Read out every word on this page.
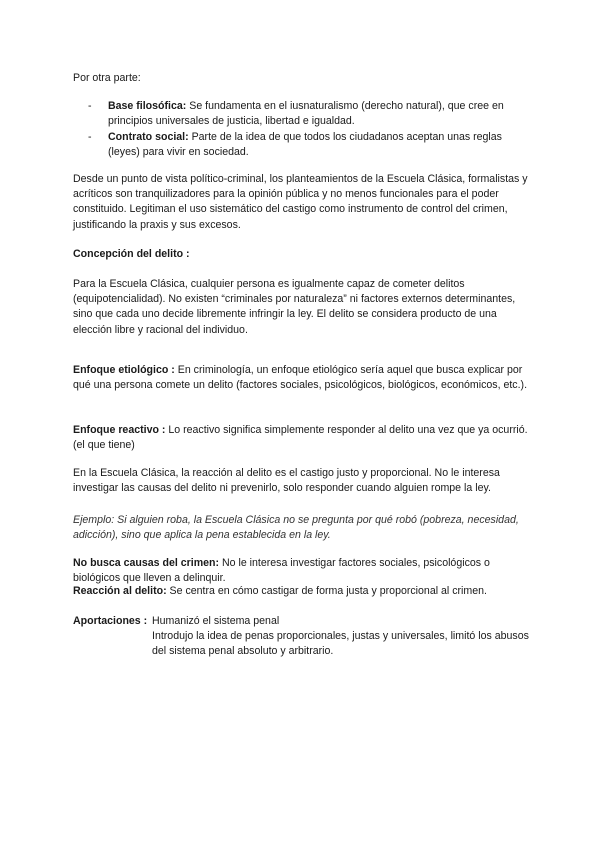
Por otra parte:

- Base filosófica: Se fundamenta en el iusnaturalismo (derecho natural), que cree en principios universales de justicia, libertad e igualdad.
- Contrato social: Parte de la idea de que todos los ciudadanos aceptan unas reglas (leyes) para vivir en sociedad.

Desde un punto de vista político-criminal, los planteamientos de la Escuela Clásica, formalistas y acríticos son tranquilizadores para la opinión pública y no menos funcionales para el poder constituido. Legitiman el uso sistemático del castigo como instrumento de control del crimen, justificando la praxis y sus excesos.

Concepción del delito :

Para la Escuela Clásica, cualquier persona es igualmente capaz de cometer delitos (equipotencialidad). No existen “criminales por naturaleza” ni factores externos determinantes, sino que cada uno decide libremente infringir la ley. El delito se considera producto de una elección libre y racional del individuo.

Enfoque etiológico : En criminología, un enfoque etiológico sería aquel que busca explicar por qué una persona comete un delito (factores sociales, psicológicos, biológicos, económicos, etc.).

Enfoque reactivo : Lo reactivo significa simplemente responder al delito una vez que ya ocurrió. (el que tiene)

En la Escuela Clásica, la reacción al delito es el castigo justo y proporcional. No le interesa investigar las causas del delito ni prevenirlo, solo responder cuando alguien rompe la ley.

Ejemplo: Si alguien roba, la Escuela Clásica no se pregunta por qué robó (pobreza, necesidad, adicción), sino que aplica la pena establecida en la ley.

No busca causas del crimen: No le interesa investigar factores sociales, psicológicos o biológicos que lleven a delinquir.

Reacción al delito: Se centra en cómo castigar de forma justa y proporcional al crimen.

Aportaciones : Humanizó el sistema penal
Introdujo la idea de penas proporcionales, justas y universales, limitó los abusos del sistema penal absoluto y arbitrario.
